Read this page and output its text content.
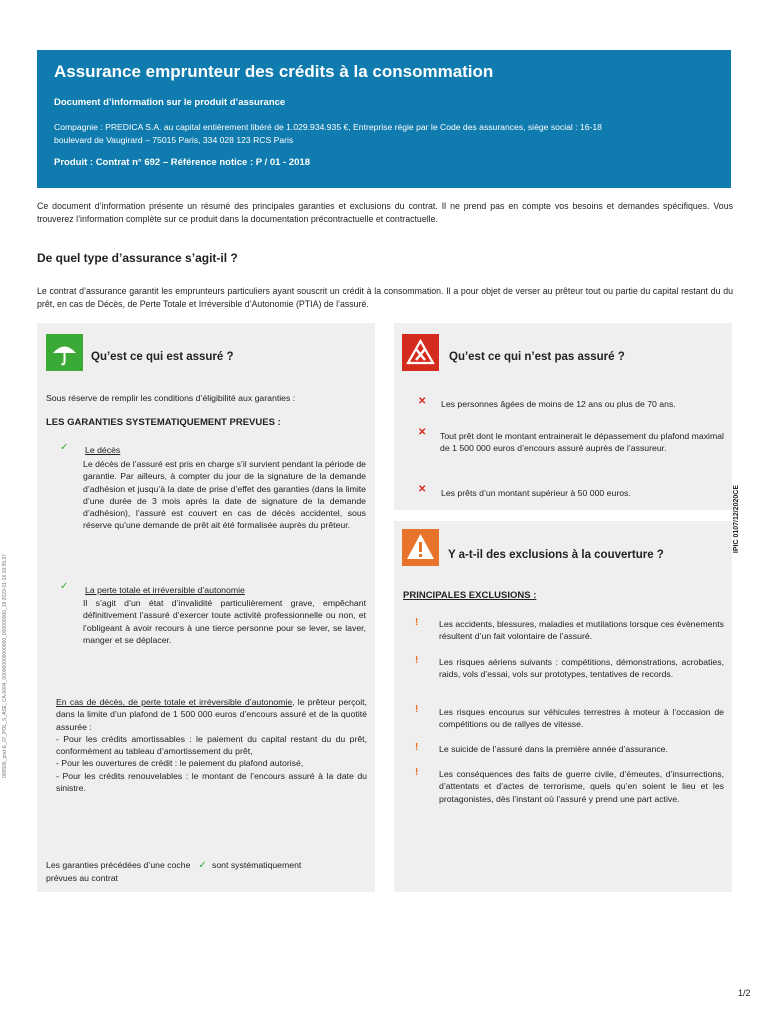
Assurance emprunteur des crédits à la consommation
Document d’information sur le produit d’assurance
Compagnie : PREDICA S.A. au capital entièrement libéré de 1.029.934.935 €, Entreprise régie par le Code des assurances, siège social : 16-18
boulevard de Vaugirard – 75015 Paris, 334 028 123 RCS Paris
Produit : Contrat n° 692 – Référence notice : P / 01 - 2018
Ce document d’information présente un résumé des principales garanties et exclusions du contrat. Il ne prend pas en compte vos besoins et demandes spécifiques. Vous trouverez l’information complète sur ce produit dans la documentation précontractuelle et contractuelle.
De quel type d’assurance s’agit-il ?
Le contrat d’assurance garantit les emprunteurs particuliers ayant souscrit un crédit à la consommation. Il a pour objet de verser au prêteur tout ou partie du capital restant du du prêt, en cas de Décès, de Perte Totale et Irréversible d’Autonomie (PTIA) de l’assuré.
Qu’est ce qui est assuré ?
Sous réserve de remplir les conditions d’éligibilité aux garanties :
LES GARANTIES SYSTEMATIQUEMENT PREVUES :
✓ Le décès
Le décès de l’assuré est pris en charge s’il survient pendant la période de garantie. Par ailleurs, à compter du jour de la signature de la demande d’adhésion et jusqu’à la date de prise d’effet des garanties (dans la limite d’une durée de 3 mois après la date de signature de la demande d’adhésion), l’assuré est couvert en cas de décès accidentel, sous réserve qu’une demande de prêt ait été formalisée auprès du prêteur.
✓ La perte totale et irréversible d’autonomie
Il s’agit d’un état d’invalidité particulièrement grave, empêchant définitivement l’assuré d’exercer toute activité professionnelle ou non, et l’obligeant à avoir recours à une tierce personne pour se lever, se laver, manger et se déplacer.
En cas de décès, de perte totale et irréversible d’autonomie, le prêteur perçoit, dans la limite d’un plafond de 1 500 000 euros d’encours assuré et de la quotité assurée :
- Pour les crédits amortissables : le paiement du capital restant du du prêt, conformément au tableau d’amortissement du prêt,
- Pour les ouvertures de crédit : le paiement du plafond autorisé,
- Pour les crédits renouvelables : le montant de l’encours assuré à la date du sinistre.
Les garanties précédées d’une coche   ✓  sont systématiquement
prévues au contrat
Qu’est ce qui n’est pas assuré ?
✕ Les personnes âgées de moins de 12 ans ou plus de 70 ans.
✕ Tout prêt dont le montant entrainerait le dépassement du plafond maximal de 1 500 000 euros d’encours assuré auprès de l’assureur.
✕ Les prêts d’un montant supérieur à 50 000 euros.
Y a-t-il des exclusions à la couverture ?
PRINCIPALES EXCLUSIONS :
! Les accidents, blessures, maladies et mutilations lorsque ces évènements résultent d’un fait volontaire de l’assuré.
! Les risques aériens suivants : compétitions, démonstrations, acrobaties, raids, vols d’essai, vols sur prototypes, tentatives de records.
! Les risques encourus sur véhicules terrestres à moteur à l’occasion de compétitions ou de rallyes de vitesse.
! Le suicide de l’assuré dans la première année d’assurance.
! Les conséquences des faits de guerre civile, d’émeutes, d’insurrections, d’attentats et d’actes de terrorisme, quels qu’en soient le lieu et les protagonistes, dès l’instant où l’assuré y prend une part active.
005506_pret-E_07_POL_S_ASE_CA-0004_000000000000000_000000000_19 2023-01-16 19:55:37
IPIC 0107/12/2020CE
1/2
